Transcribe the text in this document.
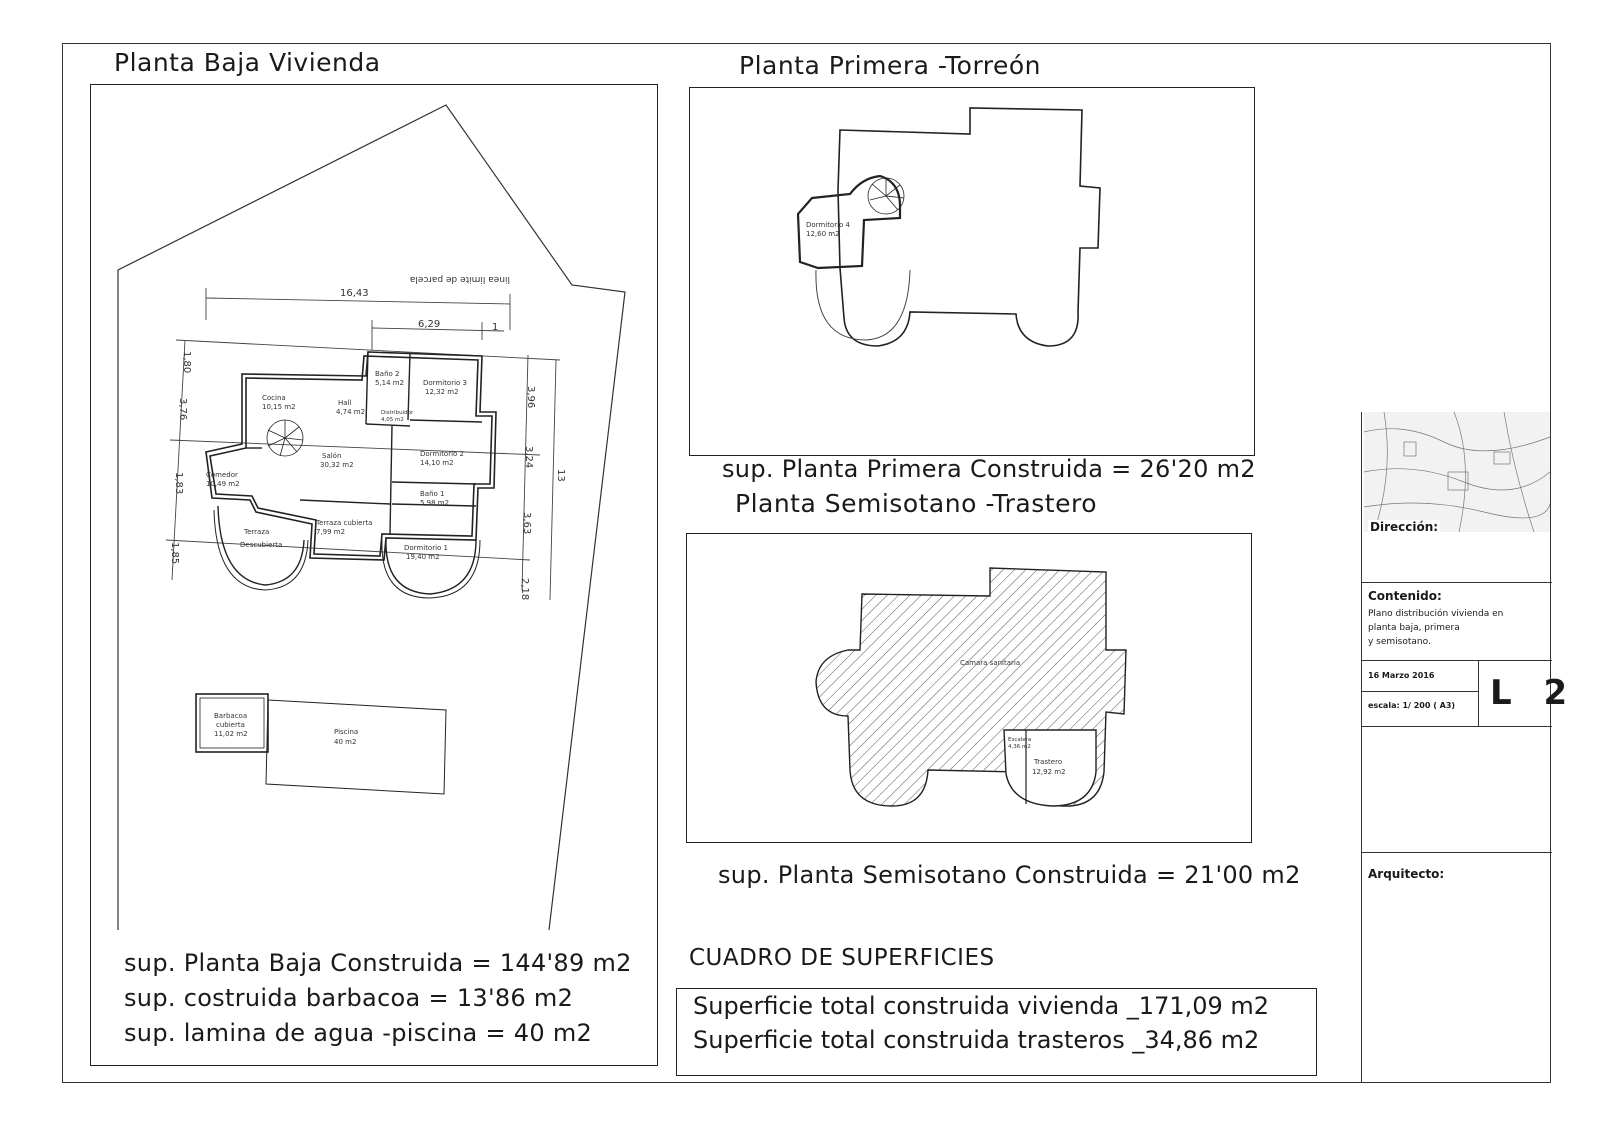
Planta Baja Vivienda
linea limite de parcela
16,43
6,29	1
1,80
3,76
1,83
1,85
3,96
3,24
3,63
2,18
13
Cocina
10,15 m2	Hall
4,74 m2
Baño 2
5,14 m2	Dormitorio 3
12,32 m2
Distribuidor
4,05 m2
Salón
30,32 m2
Dormitorio 2
14,10 m2
Comedor
10,49 m2
Baño 1
5,98 m2
Terraza cubierta
7,99 m2
Terraza
Descubierta	Dormitorio 1
19,40 m2
Barbacoa
cubierta
11,02 m2	Piscina
40 m2
sup. Planta Baja Construida = 144'89 m2
sup. costruida barbacoa = 13'86 m2
sup. lamina de agua -piscina = 40 m2
Planta Primera -Torreón
Dormitorio 4
12,60 m2
sup. Planta Primera Construida = 26'20 m2
Planta Semisotano -Trastero
Camara sanitaria
Escalera
4,36 m2
Trastero
12,92 m2
sup. Planta Semisotano Construida = 21'00 m2
CUADRO DE SUPERFICIES
Superficie total construida vivienda _171,09 m2
Superficie total construida trasteros _34,86 m2
Dirección:
Contenido:
Plano distribución vivienda en
planta baja, primera
y semisotano.
16 Marzo 2016
escala: 1/ 200 ( A3) L 2
Arquitecto:
